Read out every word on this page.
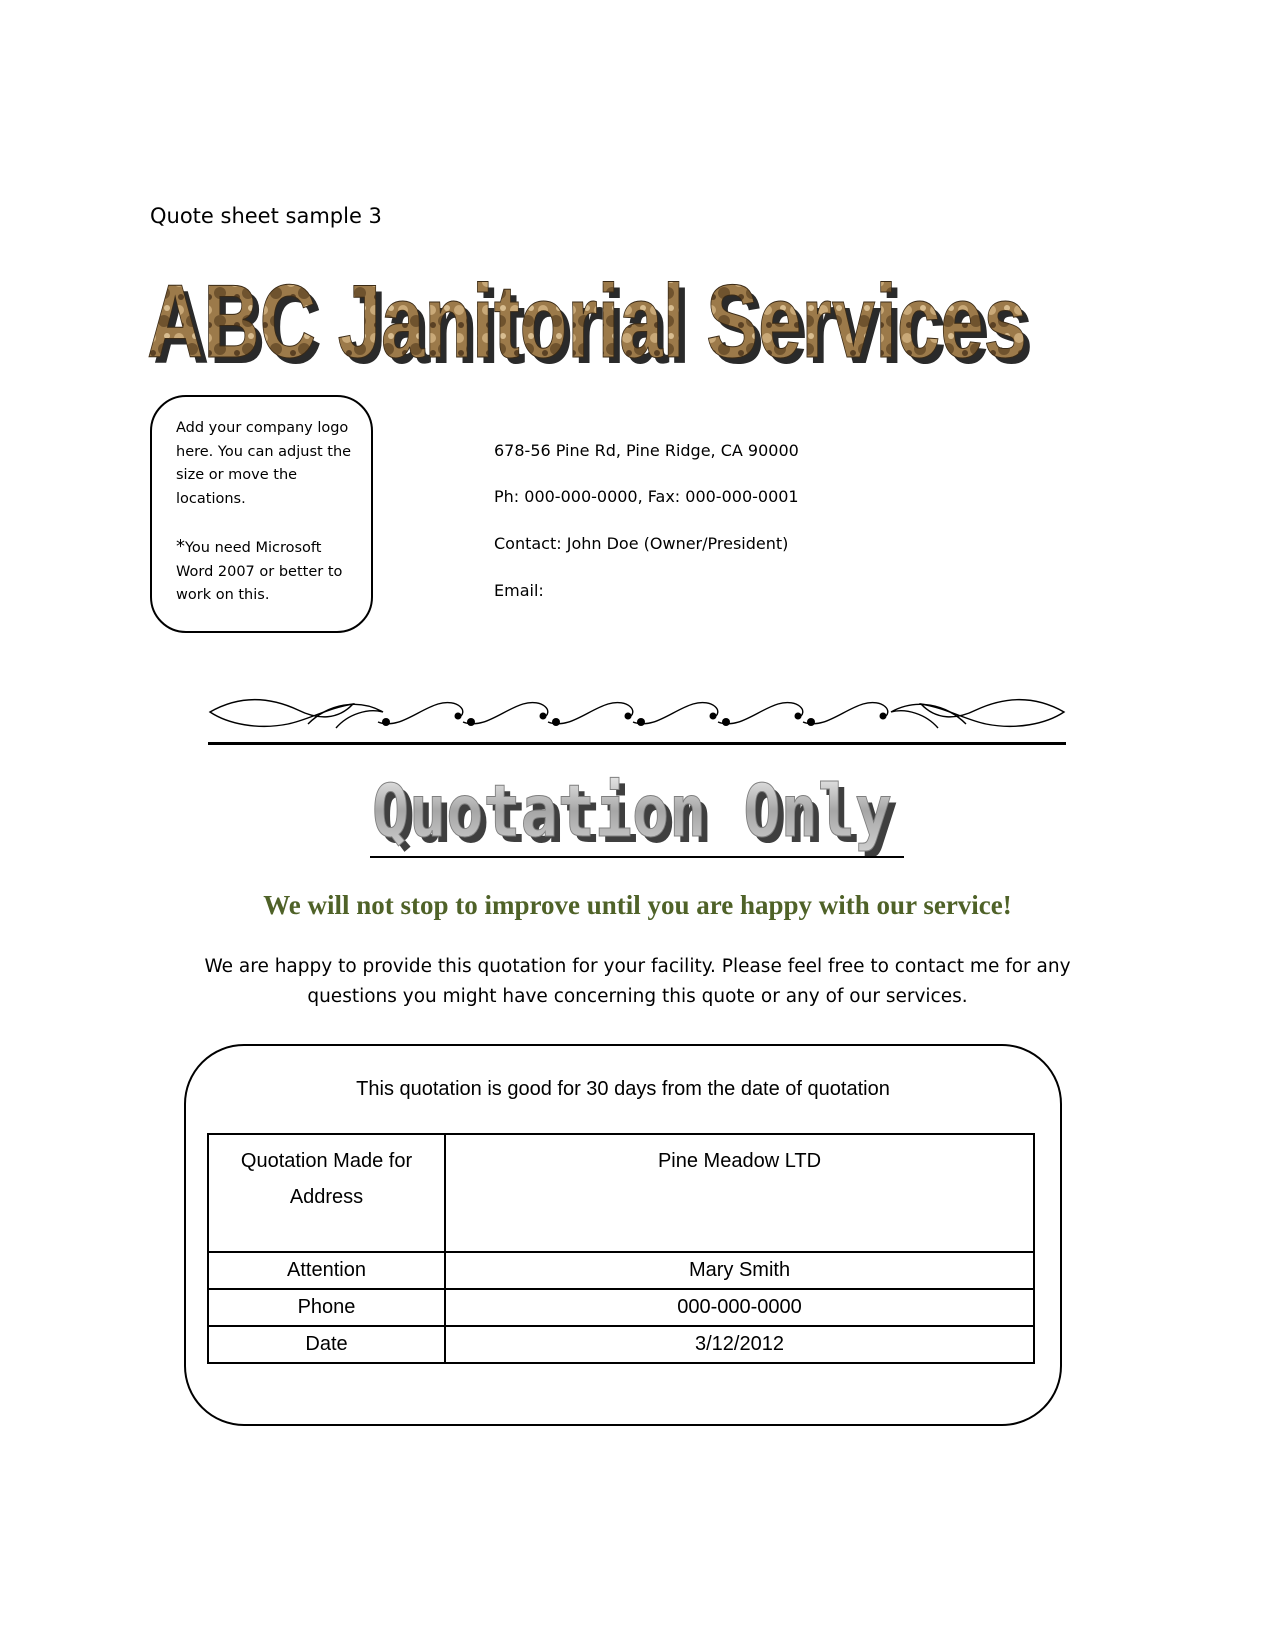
Quote sheet sample 3
ABC Janitorial Services
ABC Janitorial Services

Add your company logo here. You can adjust the size or move the locations.

*You need Microsoft Word 2007 or better to work on this.

678-56 Pine Rd, Pine Ridge, CA 90000
Ph: 000-000-0000, Fax: 000-000-0001
Contact: John Doe (Owner/President)
Email:
Quotation Only
Quotation Only
We will not stop to improve until you are happy with our service!
We are happy to provide this quotation for your facility. Please feel free to contact me for any questions you might have concerning this quote or any of our services.
This quotation is good for 30 days from the date of quotation
Quotation Made for Address	Pine Meadow LTD
Attention	Mary Smith
Phone	000-000-0000
Date	3/12/2012
